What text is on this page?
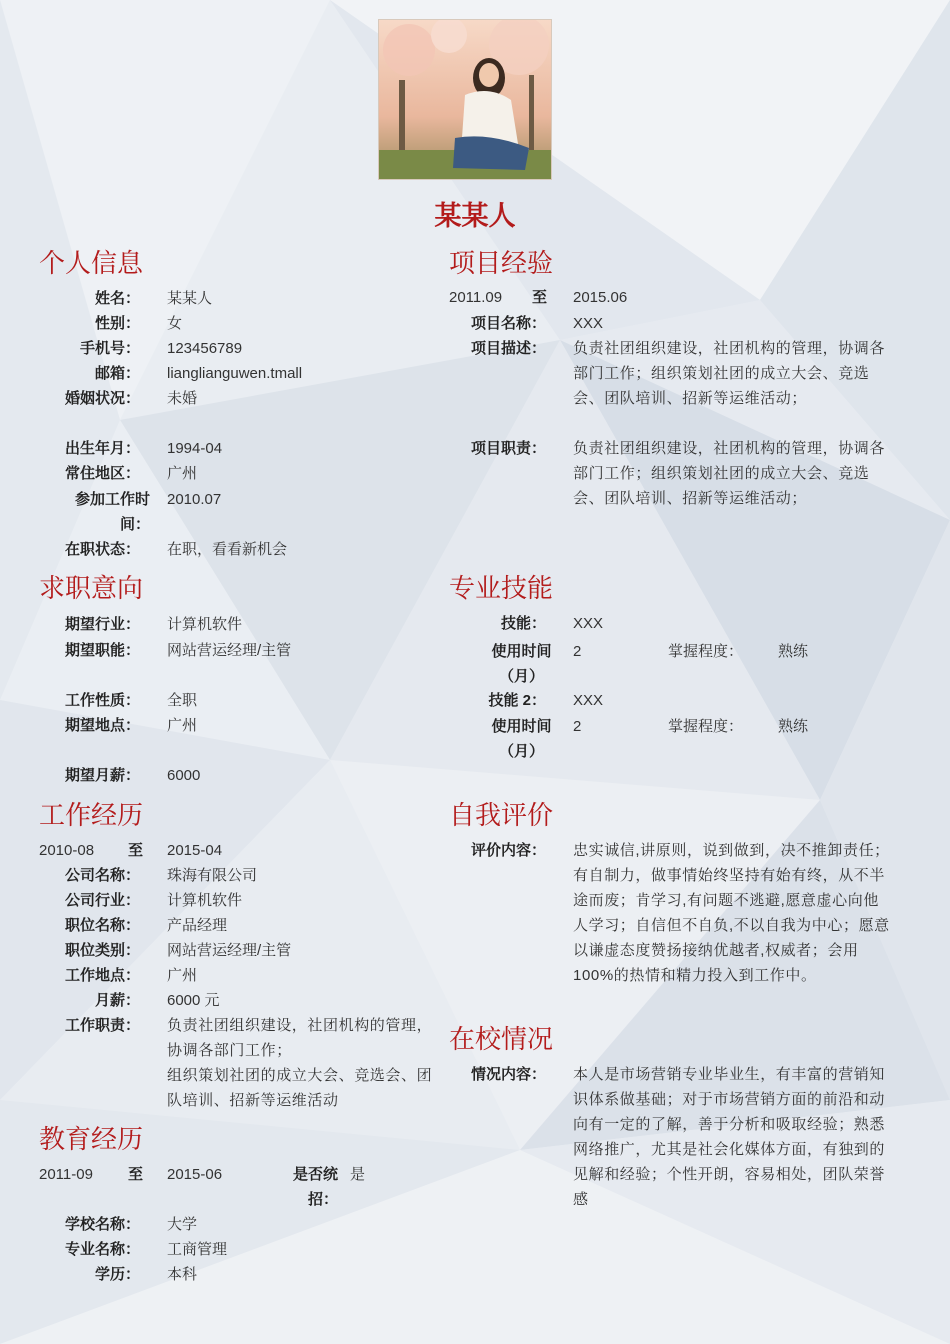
某某人
个人信息
姓名： 某某人
性别： 女
手机号： 123456789
邮箱： lianglianguwen.tmall
婚姻状况： 未婚
出生年月： 1994-04
常住地区： 广州
参加工作时间：
2010.07
在职状态： 在职，看看新机会
求职意向
期望行业： 计算机软件
期望职能： 网站营运经理/主管
工作性质： 全职
期望地点： 广州
期望月薪： 6000
工作经历
2010-08 至 2015-04
公司名称： 珠海有限公司
公司行业： 计算机软件
职位名称： 产品经理
职位类别： 网站营运经理/主管
工作地点： 广州
月薪： 6000 元
工作职责： 负责社团组织建设，社团机构的管理，协调各部门工作；
组织策划社团的成立大会、竞选会、团队培训、招新等运维活动
教育经历
2011-09 至 2015-06	是否统招：
是
学校名称： 大学
专业名称： 工商管理
学历： 本科
项目经验
2011.09 至 2015.06
项目名称： XXX
项目描述： 负责社团组织建设，社团机构的管理，协调各部门工作；组织策划社团的成立大会、竞选会、团队培训、招新等运维活动；
项目职责： 负责社团组织建设，社团机构的管理，协调各部门工作；组织策划社团的成立大会、竞选会、团队培训、招新等运维活动；
专业技能
技能： XXX
使用时间（月）
2	掌握程度： 熟练
技能 2： XXX
使用时间（月）
2	掌握程度： 熟练
自我评价
评价内容： 忠实诚信,讲原则，说到做到，决不推卸责任；有自制力，做事情始终坚持有始有终，从不半途而废；肯学习,有问题不逃避,愿意虚心向他人学习；自信但不自负,不以自我为中心；愿意以谦虚态度赞扬接纳优越者,权威者；会用 100%的热情和精力投入到工作中。
在校情况
情况内容： 本人是市场营销专业毕业生，有丰富的营销知识体系做基础；对于市场营销方面的前沿和动向有一定的了解，善于分析和吸取经验；熟悉网络推广，尤其是社会化媒体方面，有独到的见解和经验；个性开朗，容易相处，团队荣誉感
